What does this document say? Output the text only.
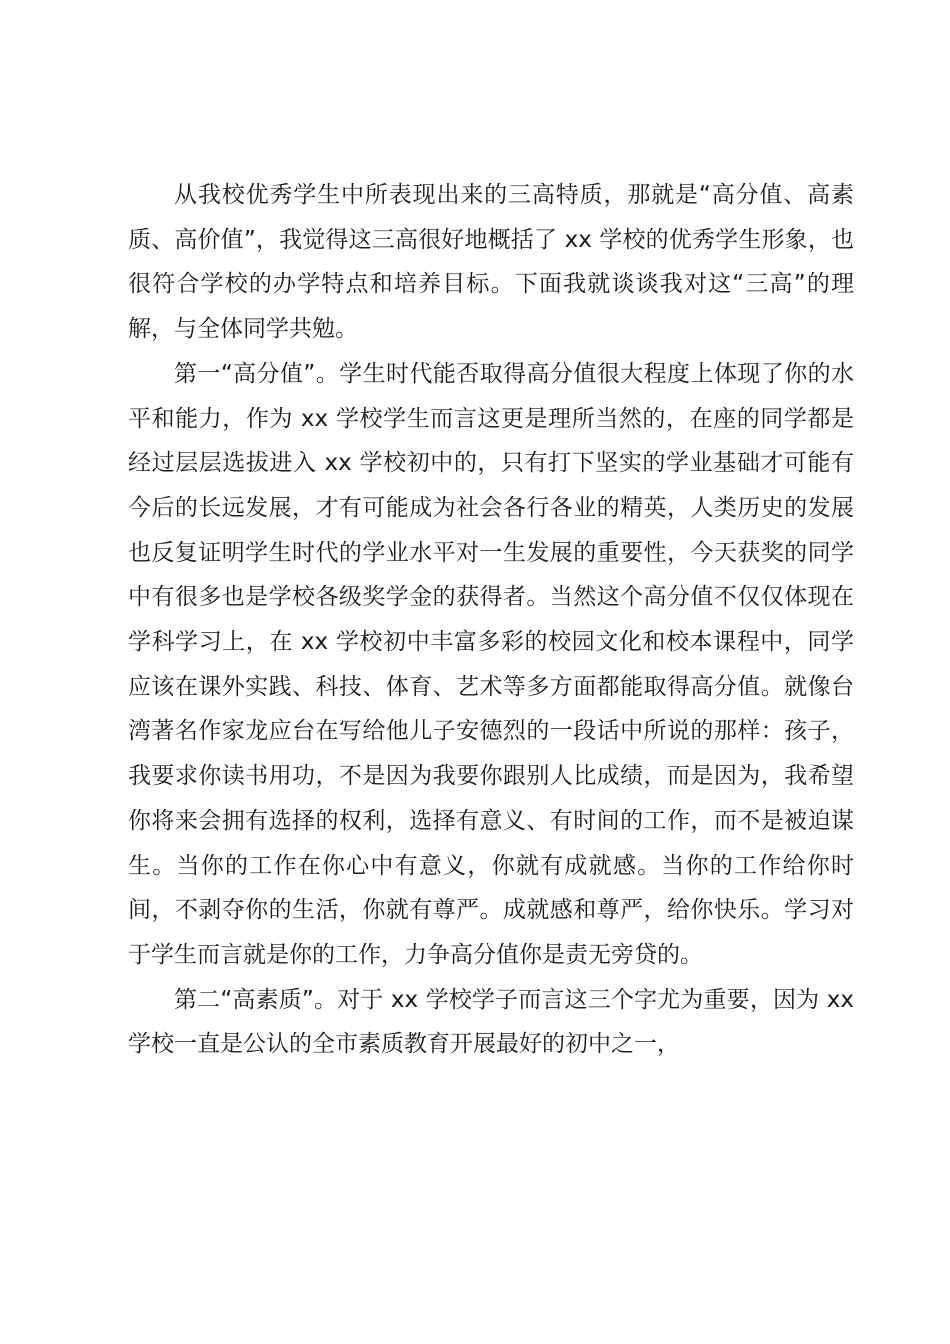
从我校优秀学生中所表现出来的三高特质，那就是“高分值、高素质、高价值”，我觉得这三高很好地概括了 xx 学校的优秀学生形象，也很符合学校的办学特点和培养目标。下面我就谈谈我对这“三高”的理解，与全体同学共勉。

第一“高分值”。学生时代能否取得高分值很大程度上体现了你的水平和能力，作为 xx 学校学生而言这更是理所当然的，在座的同学都是经过层层选拔进入 xx 学校初中的，只有打下坚实的学业基础才可能有今后的长远发展，才有可能成为社会各行各业的精英，人类历史的发展也反复证明学生时代的学业水平对一生发展的重要性，今天获奖的同学中有很多也是学校各级奖学金的获得者。当然这个高分值不仅仅体现在学科学习上，在 xx 学校初中丰富多彩的校园文化和校本课程中，同学应该在课外实践、科技、体育、艺术等多方面都能取得高分值。就像台湾著名作家龙应台在写给他儿子安德烈的一段话中所说的那样：孩子，我要求你读书用功，不是因为我要你跟别人比成绩，而是因为，我希望你将来会拥有选择的权利，选择有意义、有时间的工作，而不是被迫谋生。当你的工作在你心中有意义，你就有成就感。当你的工作给你时间，不剥夺你的生活，你就有尊严。成就感和尊严，给你快乐。学习对于学生而言就是你的工作，力争高分值你是责无旁贷的。

第二“高素质”。对于 xx 学校学子而言这三个字尤为重要，因为 xx 学校一直是公认的全市素质教育开展最好的初中之一，
